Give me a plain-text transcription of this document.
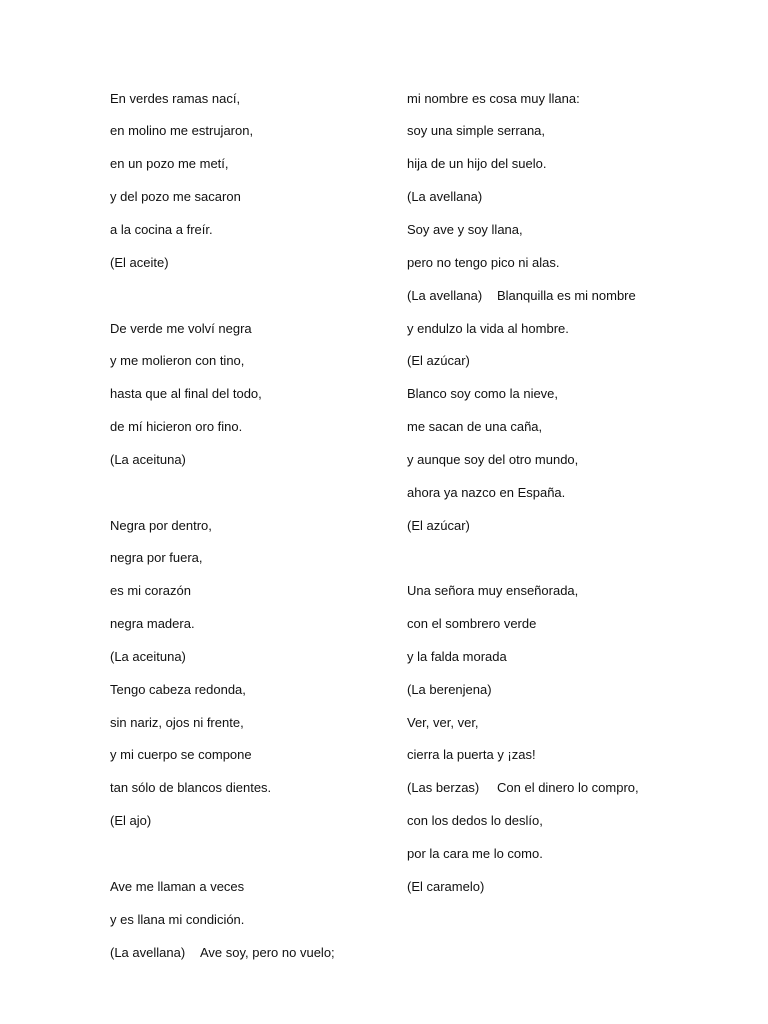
En verdes ramas nací,
en molino me estrujaron,
en un pozo me metí,
y del pozo me sacaron
a la cocina a freír.
(El aceite)
De verde me volví negra
y me molieron con tino,
hasta que al final del todo,
de mí hicieron oro fino.
(La aceituna)
Negra por dentro,
negra por fuera,
es mi corazón
negra madera.
(La aceituna)
Tengo cabeza redonda,
sin nariz, ojos ni frente,
y mi cuerpo se compone
tan sólo de blancos dientes.
(El ajo)
Ave me llaman a veces
y es llana mi condición.
(La avellana) Ave soy, pero no vuelo;
mi nombre es cosa muy llana:
soy una simple serrana,
hija de un hijo del suelo.
(La avellana)
Soy ave y soy llana,
pero no tengo pico ni alas.
(La avellana) Blanquilla es mi nombre
y endulzo la vida al hombre.
(El azúcar)
Blanco soy como la nieve,
me sacan de una caña,
y aunque soy del otro mundo,
ahora ya nazco en España.
(El azúcar)
Una señora muy enseñorada,
con el sombrero verde
y la falda morada
(La berenjena)
Ver, ver, ver,
cierra la puerta y ¡zas!
(Las berzas) Con el dinero lo compro,
con los dedos lo deslío,
por la cara me lo como.
(El caramelo)
